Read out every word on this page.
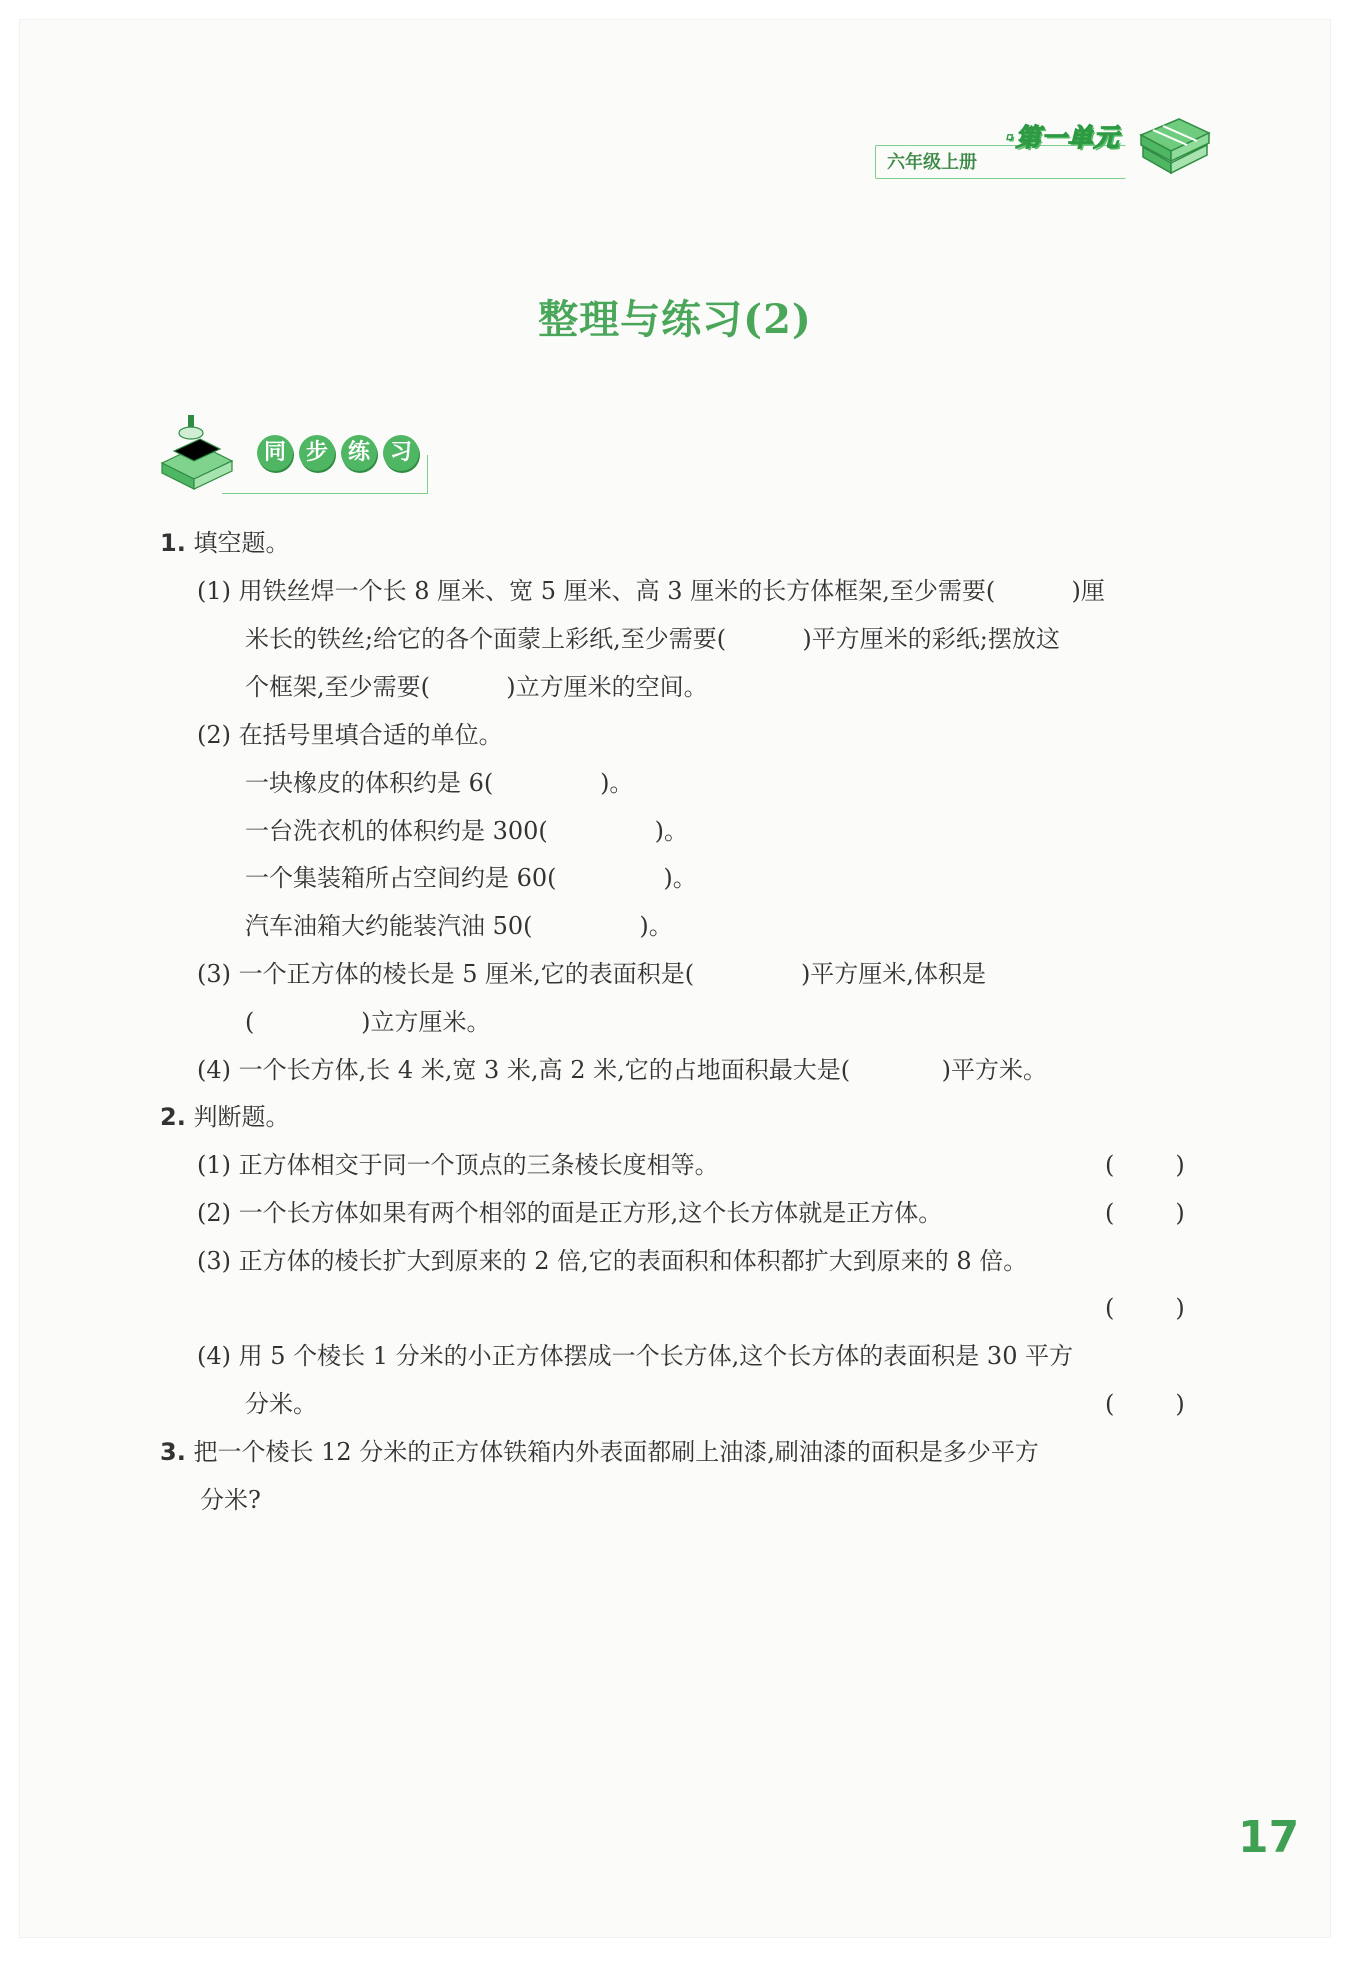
六年级上册
·第一单元
整理与练习(2)
同 步 练 习
1. 填空题。
(1) 用铁丝焊一个长 8 厘米、宽 5 厘米、高 3 厘米的长方体框架,至少需要(          )厘
米长的铁丝;给它的各个面蒙上彩纸,至少需要(          )平方厘米的彩纸;摆放这
个框架,至少需要(          )立方厘米的空间。
(2) 在括号里填合适的单位。
一块橡皮的体积约是 6(              )。
一台洗衣机的体积约是 300(              )。
一个集装箱所占空间约是 60(              )。
汽车油箱大约能装汽油 50(              )。
(3) 一个正方体的棱长是 5 厘米,它的表面积是(              )平方厘米,体积是
(              )立方厘米。
(4) 一个长方体,长 4 米,宽 3 米,高 2 米,它的占地面积最大是(            )平方米。
2. 判断题。
(1) 正方体相交于同一个顶点的三条棱长度相等。	(        )
(2) 一个长方体如果有两个相邻的面是正方形,这个长方体就是正方体。	(        )
(3) 正方体的棱长扩大到原来的 2 倍,它的表面积和体积都扩大到原来的 8 倍。
(        )
(4) 用 5 个棱长 1 分米的小正方体摆成一个长方体,这个长方体的表面积是 30 平方
分米。	(        )
3. 把一个棱长 12 分米的正方体铁箱内外表面都刷上油漆,刷油漆的面积是多少平方
分米?
17
